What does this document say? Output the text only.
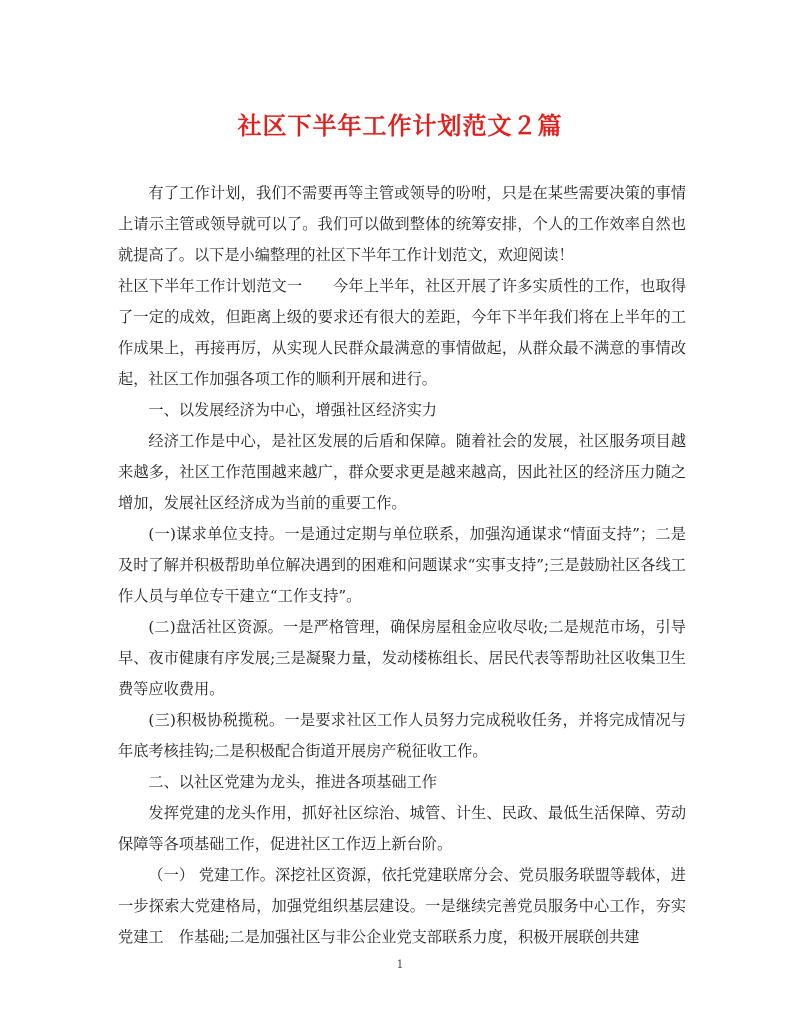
社区下半年工作计划范文２篇

有了工作计划，我们不需要再等主管或领导的吩咐，只是在某些需要决策的事情上请示主管或领导就可以了。我们可以做到整体的统筹安排，个人的工作效率自然也就提高了。以下是小编整理的社区下半年工作计划范文，欢迎阅读！

社区下半年工作计划范文一　　今年上半年，社区开展了许多实质性的工作，也取得了一定的成效，但距离上级的要求还有很大的差距，今年下半年我们将在上半年的工作成果上，再接再厉，从实现人民群众最满意的事情做起，从群众最不满意的事情改起，社区工作加强各项工作的顺利开展和进行。

一、以发展经济为中心，增强社区经济实力

经济工作是中心，是社区发展的后盾和保障。随着社会的发展，社区服务项目越来越多，社区工作范围越来越广，群众要求更是越来越高，因此社区的经济压力随之增加，发展社区经济成为当前的重要工作。

(一)谋求单位支持。一是通过定期与单位联系，加强沟通谋求“情面支持”；二是及时了解并积极帮助单位解决遇到的困难和问题谋求“实事支持”;三是鼓励社区各线工作人员与单位专干建立“工作支持”。

(二)盘活社区资源。一是严格管理，确保房屋租金应收尽收;二是规范市场，引导早、夜市健康有序发展;三是凝聚力量，发动楼栋组长、居民代表等帮助社区收集卫生费等应收费用。

(三)积极协税揽税。一是要求社区工作人员努力完成税收任务，并将完成情况与年底考核挂钩;二是积极配合街道开展房产税征收工作。

二、以社区党建为龙头，推进各项基础工作

发挥党建的龙头作用，抓好社区综治、城管、计生、民政、最低生活保障、劳动保障等各项基础工作，促进社区工作迈上新台阶。

（一） 党建工作。深挖社区资源，依托党建联席分会、党员服务联盟等载体，进一步探索大党建格局，加强党组织基层建设。一是继续完善党员服务中心工作，夯实党建工　作基础;二是加强社区与非公企业党支部联系力度，积极开展联创共建

1
